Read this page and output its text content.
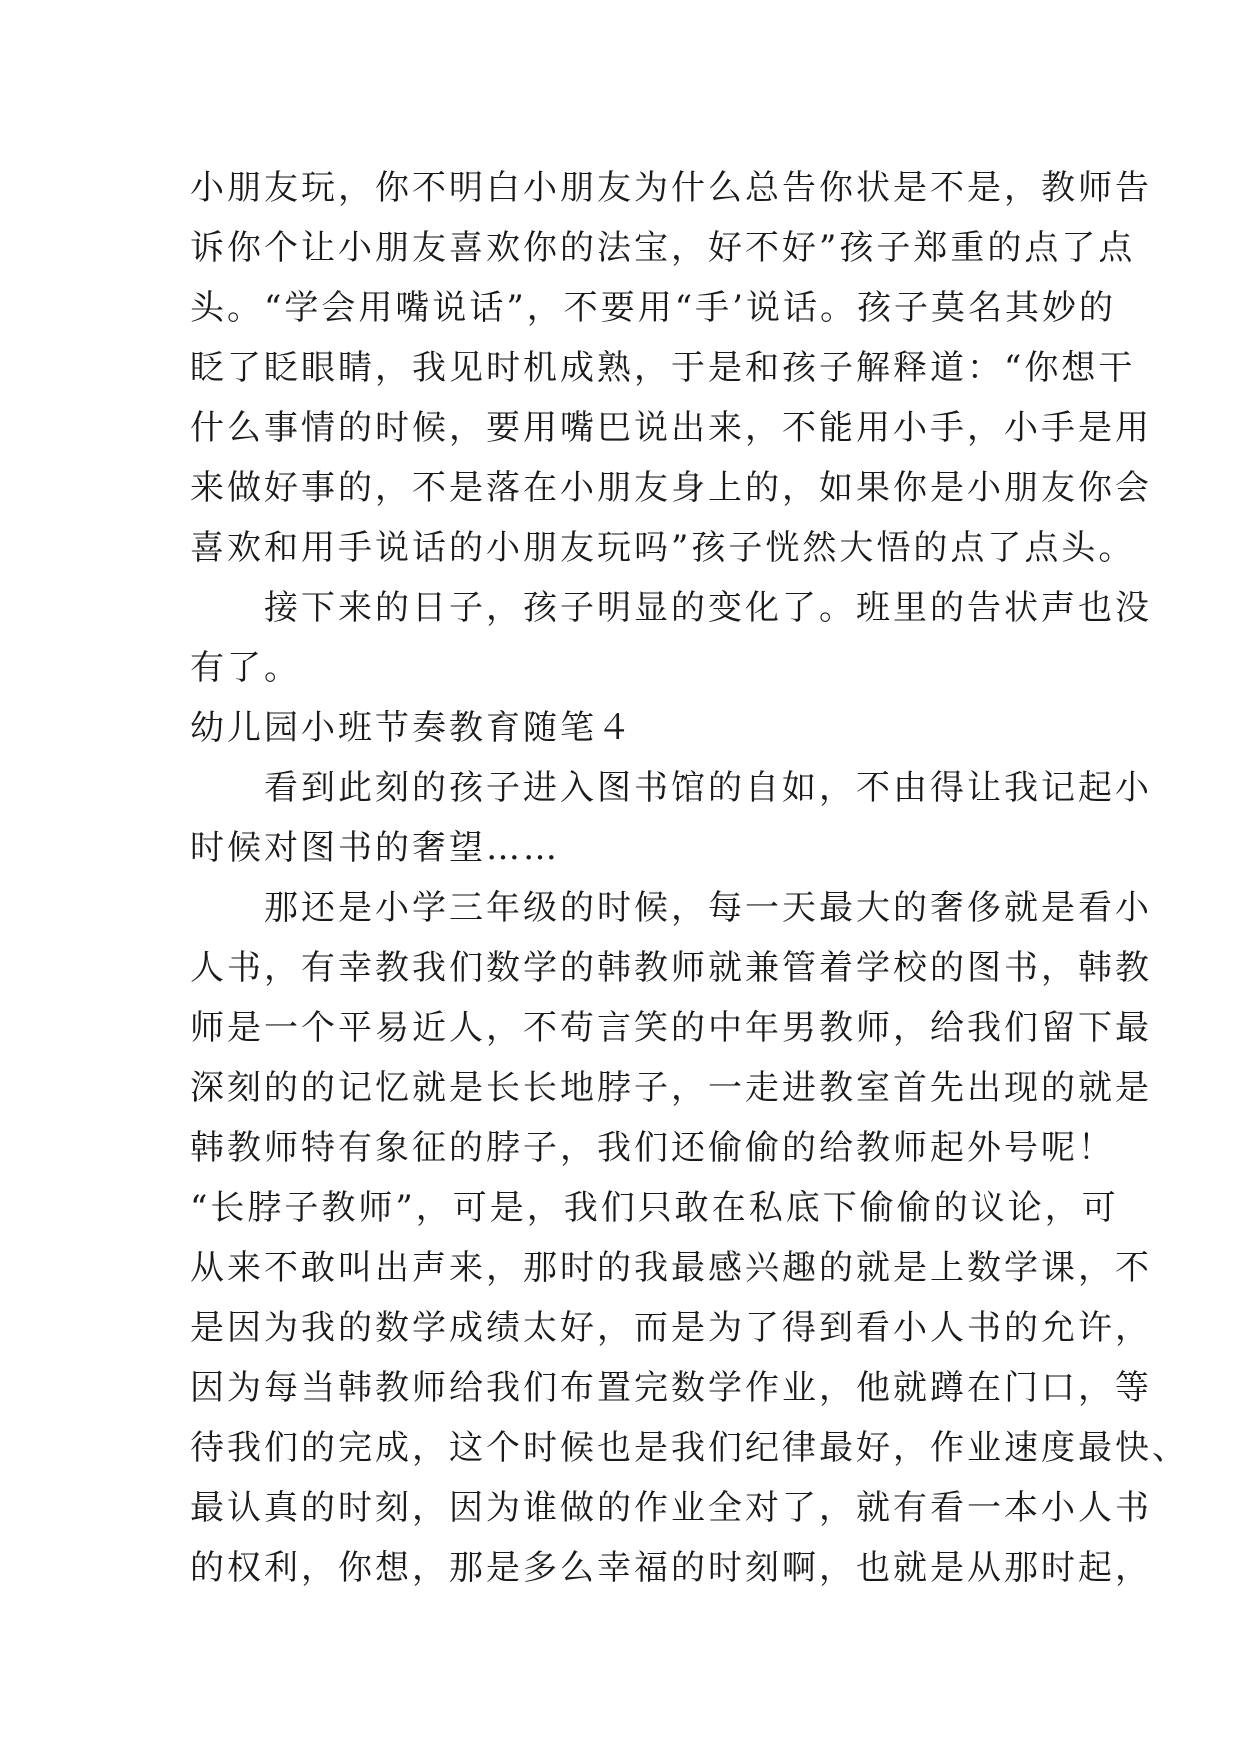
小朋友玩，你不明白小朋友为什么总告你状是不是，教师告
诉你个让小朋友喜欢你的法宝，好不好”孩子郑重的点了点
头。“学会用嘴说话”，不要用“手’说话。孩子莫名其妙的
眨了眨眼睛，我见时机成熟，于是和孩子解释道：“你想干
什么事情的时候，要用嘴巴说出来，不能用小手，小手是用
来做好事的，不是落在小朋友身上的，如果你是小朋友你会
喜欢和用手说话的小朋友玩吗”孩子恍然大悟的点了点头。
　　接下来的日子，孩子明显的变化了。班里的告状声也没
有了。
幼儿园小班节奏教育随笔４
　　看到此刻的孩子进入图书馆的自如，不由得让我记起小
时候对图书的奢望……
　　那还是小学三年级的时候，每一天最大的奢侈就是看小
人书，有幸教我们数学的韩教师就兼管着学校的图书，韩教
师是一个平易近人，不苟言笑的中年男教师，给我们留下最
深刻的的记忆就是长长地脖子，一走进教室首先出现的就是
韩教师特有象征的脖子，我们还偷偷的给教师起外号呢！
“长脖子教师”，可是，我们只敢在私底下偷偷的议论，可
从来不敢叫出声来，那时的我最感兴趣的就是上数学课，不
是因为我的数学成绩太好，而是为了得到看小人书的允许，
因为每当韩教师给我们布置完数学作业，他就蹲在门口，等
待我们的完成，这个时候也是我们纪律最好，作业速度最快、
最认真的时刻，因为谁做的作业全对了，就有看一本小人书
的权利，你想，那是多么幸福的时刻啊，也就是从那时起，
